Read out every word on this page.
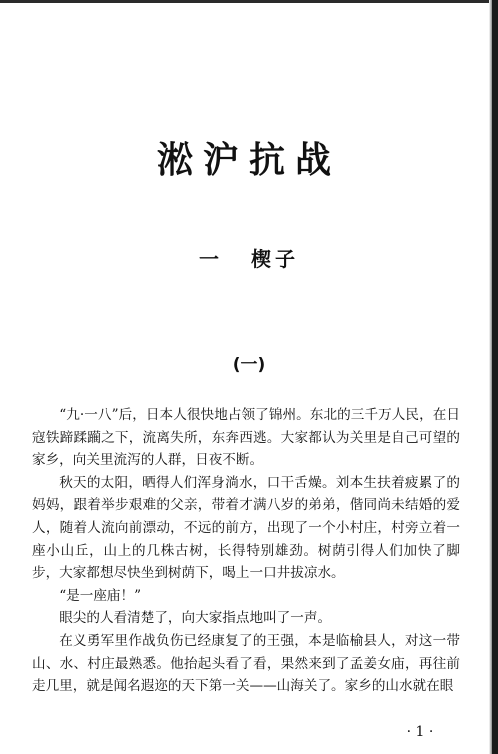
淞沪抗战
一 楔子
(一)

“九·一八”后，日本人很快地占领了锦州。东北的三千万人民，在日寇铁蹄蹂躏之下，流离失所，东奔西逃。大家都认为关里是自己可望的家乡，向关里流泻的人群，日夜不断。

秋天的太阳，晒得人们浑身淌水，口干舌燥。刘本生扶着疲累了的妈妈，跟着举步艰难的父亲，带着才满八岁的弟弟，偕同尚未结婚的爱人，随着人流向前漂动，不远的前方，出现了一个小村庄，村旁立着一座小山丘，山上的几株古树，长得特别雄劲。树荫引得人们加快了脚步，大家都想尽快坐到树荫下，喝上一口井拔凉水。

“是一座庙！”

眼尖的人看清楚了，向大家指点地叫了一声。

在义勇军里作战负伤已经康复了的王强，本是临榆县人，对这一带山、水、村庄最熟悉。他抬起头看了看，果然来到了孟姜女庙，再往前走几里，就是闻名遐迩的天下第一关——山海关了。家乡的山水就在眼

· 1 ·
